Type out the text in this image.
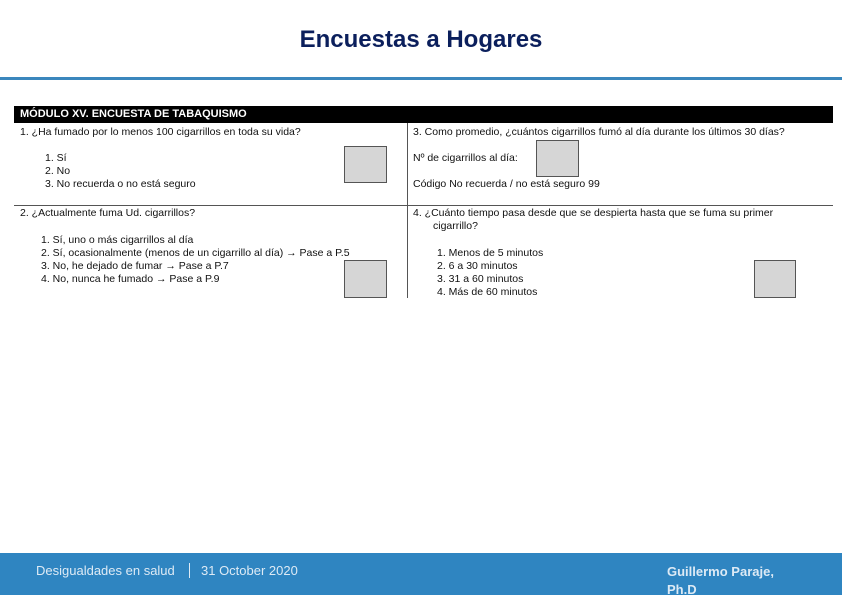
Encuestas a Hogares
MÓDULO XV. ENCUESTA DE TABAQUISMO
1. ¿Ha fumado por lo menos 100 cigarrillos en toda su vida?
1. Sí
2. No
3. No recuerda o no está seguro
3. Como promedio, ¿cuántos cigarrillos fumó al día durante los últimos 30 días?
Nº de cigarrillos al día:
Código No recuerda / no está seguro 99
2. ¿Actualmente fuma Ud. cigarrillos?
1. Sí, uno o más cigarrillos al día
2. Sí, ocasionalmente (menos de un cigarrillo al día) → Pase a P.5
3. No, he dejado de fumar → Pase a P.7
4. No, nunca he fumado → Pase a P.9
4. ¿Cuánto tiempo pasa desde que se despierta hasta que se fuma su primer
cigarrillo?
1. Menos de 5 minutos
2. 6 a 30 minutos
3. 31 a 60 minutos
4. Más de 60 minutos
Desigualdades en salud 31 October 2020	Guillermo Paraje,
Ph.D
